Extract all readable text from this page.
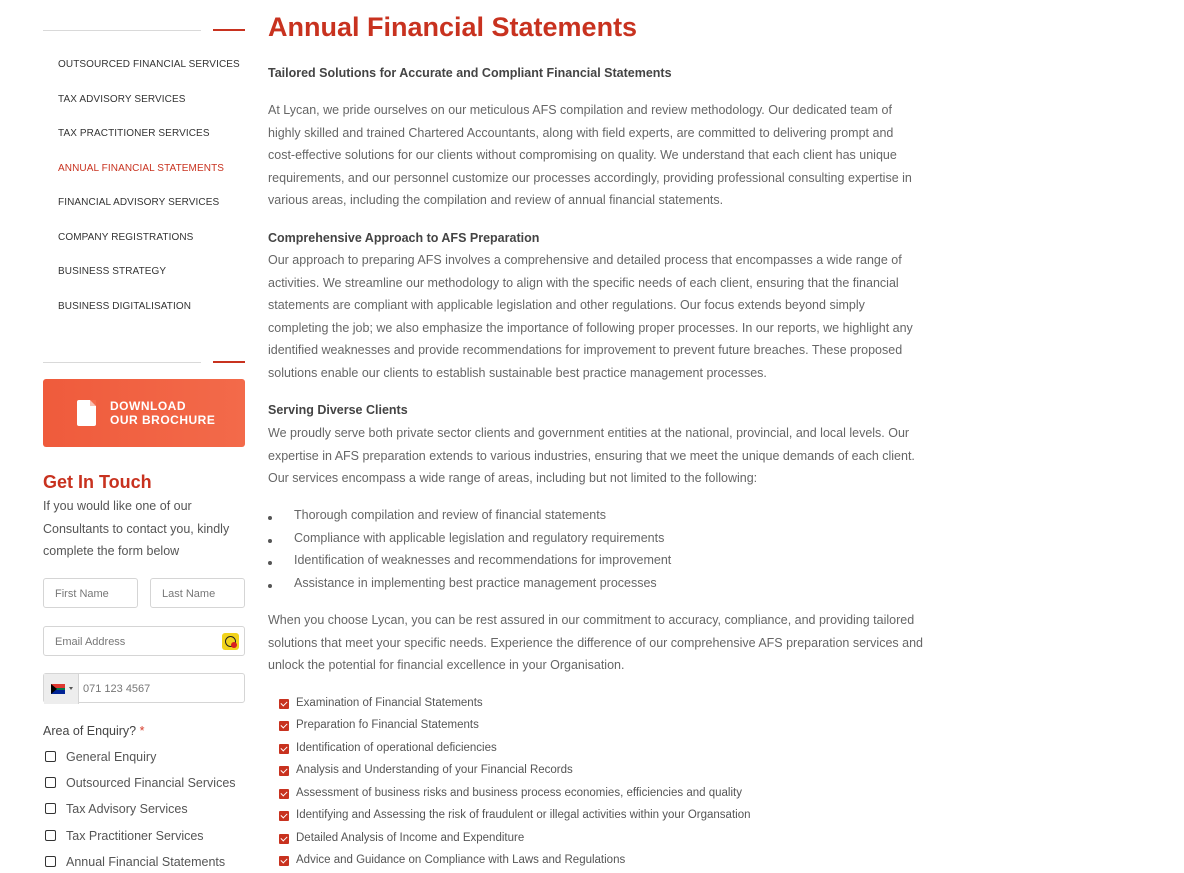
OUTSOURCED FINANCIAL SERVICES
TAX ADVISORY SERVICES
TAX PRACTITIONER SERVICES
ANNUAL FINANCIAL STATEMENTS
FINANCIAL ADVISORY SERVICES
COMPANY REGISTRATIONS
BUSINESS STRATEGY
BUSINESS DIGITALISATION
DOWNLOAD
OUR BROCHURE
Get In Touch
If you would like one of our Consultants to contact you, kindly complete the form below
First Name	Last Name
Email Address
071 123 4567
Area of Enquiry? *
General Enquiry
Outsourced Financial Services
Tax Advisory Services
Tax Practitioner Services
Annual Financial Statements
Annual Financial Statements
Tailored Solutions for Accurate and Compliant Financial Statements
At Lycan, we pride ourselves on our meticulous AFS compilation and review methodology. Our dedicated team of highly skilled and trained Chartered Accountants, along with field experts, are committed to delivering prompt and cost-effective solutions for our clients without compromising on quality. We understand that each client has unique requirements, and our personnel customize our processes accordingly, providing professional consulting expertise in various areas, including the compilation and review of annual financial statements.
Comprehensive Approach to AFS Preparation
Our approach to preparing AFS involves a comprehensive and detailed process that encompasses a wide range of activities. We streamline our methodology to align with the specific needs of each client, ensuring that the financial statements are compliant with applicable legislation and other regulations. Our focus extends beyond simply completing the job; we also emphasize the importance of following proper processes. In our reports, we highlight any identified weaknesses and provide recommendations for improvement to prevent future breaches. These proposed solutions enable our clients to establish sustainable best practice management processes.
Serving Diverse Clients
We proudly serve both private sector clients and government entities at the national, provincial, and local levels. Our expertise in AFS preparation extends to various industries, ensuring that we meet the unique demands of each client. Our services encompass a wide range of areas, including but not limited to the following:
Thorough compilation and review of financial statements
Compliance with applicable legislation and regulatory requirements
Identification of weaknesses and recommendations for improvement
Assistance in implementing best practice management processes
When you choose Lycan, you can be rest assured in our commitment to accuracy, compliance, and providing tailored solutions that meet your specific needs. Experience the difference of our comprehensive AFS preparation services and unlock the potential for financial excellence in your Organisation.
Examination of Financial Statements
Preparation fo Financial Statements
Identification of operational deficiencies
Analysis and Understanding of your Financial Records
Assessment of business risks and business process economies, efficiencies and quality
Identifying and Assessing the risk of fraudulent or illegal activities within your Organsation
Detailed Analysis of Income and Expenditure
Advice and Guidance on Compliance with Laws and Regulations
